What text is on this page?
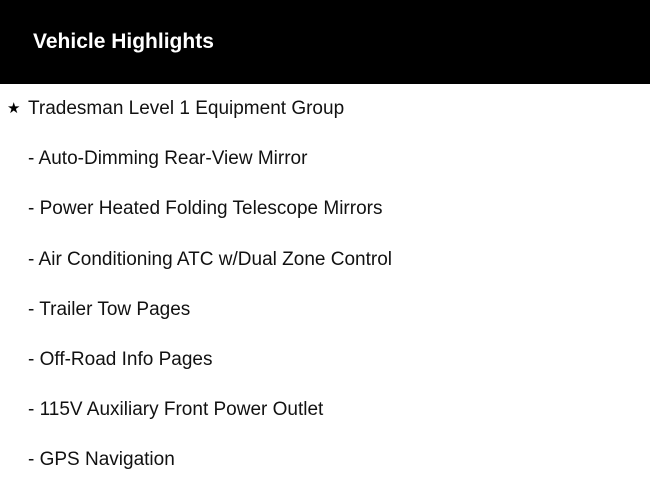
Vehicle Highlights
★ Tradesman Level 1 Equipment Group
- Auto-Dimming Rear-View Mirror
- Power Heated Folding Telescope Mirrors
- Air Conditioning ATC w/Dual Zone Control
- Trailer Tow Pages
- Off-Road Info Pages
- 115V Auxiliary Front Power Outlet
- GPS Navigation
